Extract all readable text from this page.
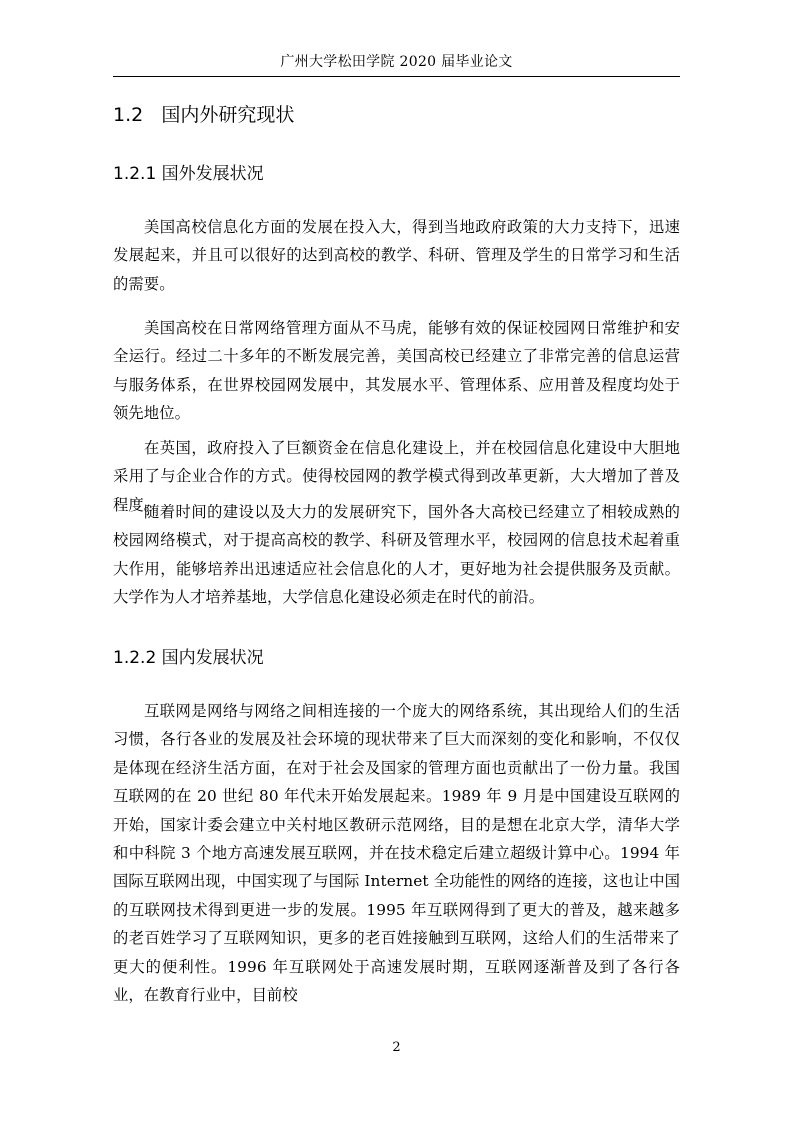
广州大学松田学院 2020 届毕业论文
1.2   国内外研究现状
1.2.1 国外发展状况

美国高校信息化方面的发展在投入大，得到当地政府政策的大力支持下，迅速发展起来，并且可以很好的达到高校的教学、科研、管理及学生的日常学习和生活的需要。

美国高校在日常网络管理方面从不马虎，能够有效的保证校园网日常维护和安全运行。经过二十多年的不断发展完善，美国高校已经建立了非常完善的信息运营与服务体系，在世界校园网发展中，其发展水平、管理体系、应用普及程度均处于领先地位。

在英国，政府投入了巨额资金在信息化建设上，并在校园信息化建设中大胆地采用了与企业合作的方式。使得校园网的教学模式得到改革更新，大大增加了普及程度。

随着时间的建设以及大力的发展研究下，国外各大高校已经建立了相较成熟的校园网络模式，对于提高高校的教学、科研及管理水平，校园网的信息技术起着重大作用，能够培养出迅速适应社会信息化的人才，更好地为社会提供服务及贡献。大学作为人才培养基地，大学信息化建设必须走在时代的前沿。

1.2.2 国内发展状况

互联网是网络与网络之间相连接的一个庞大的网络系统，其出现给人们的生活习惯，各行各业的发展及社会环境的现状带来了巨大而深刻的变化和影响，不仅仅是体现在经济生活方面，在对于社会及国家的管理方面也贡献出了一份力量。我国互联网的在 20 世纪 80 年代未开始发展起来。1989 年 9 月是中国建设互联网的开始，国家计委会建立中关村地区教研示范网络，目的是想在北京大学，清华大学和中科院 3 个地方高速发展互联网，并在技术稳定后建立超级计算中心。1994 年国际互联网出现，中国实现了与国际 Internet 全功能性的网络的连接，这也让中国的互联网技术得到更进一步的发展。1995 年互联网得到了更大的普及，越来越多的老百姓学习了互联网知识，更多的老百姓接触到互联网，这给人们的生活带来了更大的便利性。1996 年互联网处于高速发展时期，互联网逐渐普及到了各行各业，在教育行业中，目前校

2
